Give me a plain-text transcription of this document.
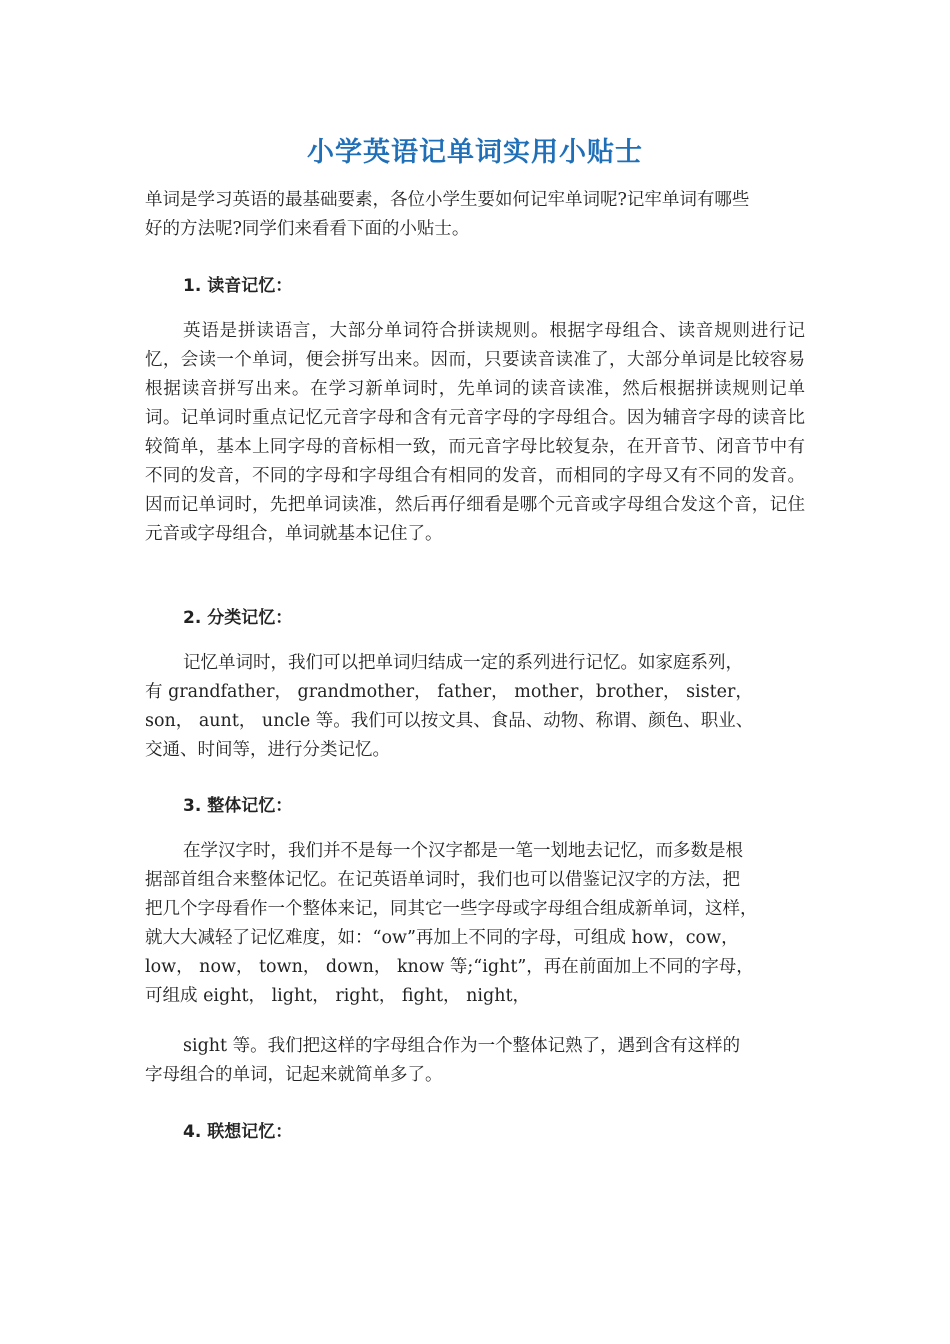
小学英语记单词实用小贴士

单词是学习英语的最基础要素，各位小学生要如何记牢单词呢?记牢单词有哪些
好的方法呢?同学们来看看下面的小贴士。

1. 读音记忆：

英语是拼读语言，大部分单词符合拼读规则。根据字母组合、读音规则进行记忆，会读一个单词，便会拼写出来。因而，只要读音读准了，大部分单词是比较容易根据读音拼写出来。在学习新单词时，先单词的读音读准，然后根据拼读规则记单词。记单词时重点记忆元音字母和含有元音字母的字母组合。因为辅音字母的读音比较简单，基本上同字母的音标相一致，而元音字母比较复杂，在开音节、闭音节中有不同的发音，不同的字母和字母组合有相同的发音，而相同的字母又有不同的发音。因而记单词时，先把单词读准，然后再仔细看是哪个元音或字母组合发这个音，记住元音或字母组合，单词就基本记住了。

2. 分类记忆：

记忆单词时，我们可以把单词归结成一定的系列进行记忆。如家庭系列，
有 grandfather， grandmother， father， mother，brother， sister，
son， aunt， uncle 等。我们可以按文具、食品、动物、称谓、颜色、职业、
交通、时间等，进行分类记忆。

3. 整体记忆：

在学汉字时，我们并不是每一个汉字都是一笔一划地去记忆，而多数是根
据部首组合来整体记忆。在记英语单词时，我们也可以借鉴记汉字的方法，把
把几个字母看作一个整体来记，同其它一些字母或字母组合组成新单词，这样，
就大大减轻了记忆难度，如：“ow”再加上不同的字母，可组成 how，cow，
low， now， town， down， know 等;“ight”，再在前面加上不同的字母，
可组成 eight， light， right， fight， night，

sight 等。我们把这样的字母组合作为一个整体记熟了，遇到含有这样的
字母组合的单词，记起来就简单多了。

4. 联想记忆：
